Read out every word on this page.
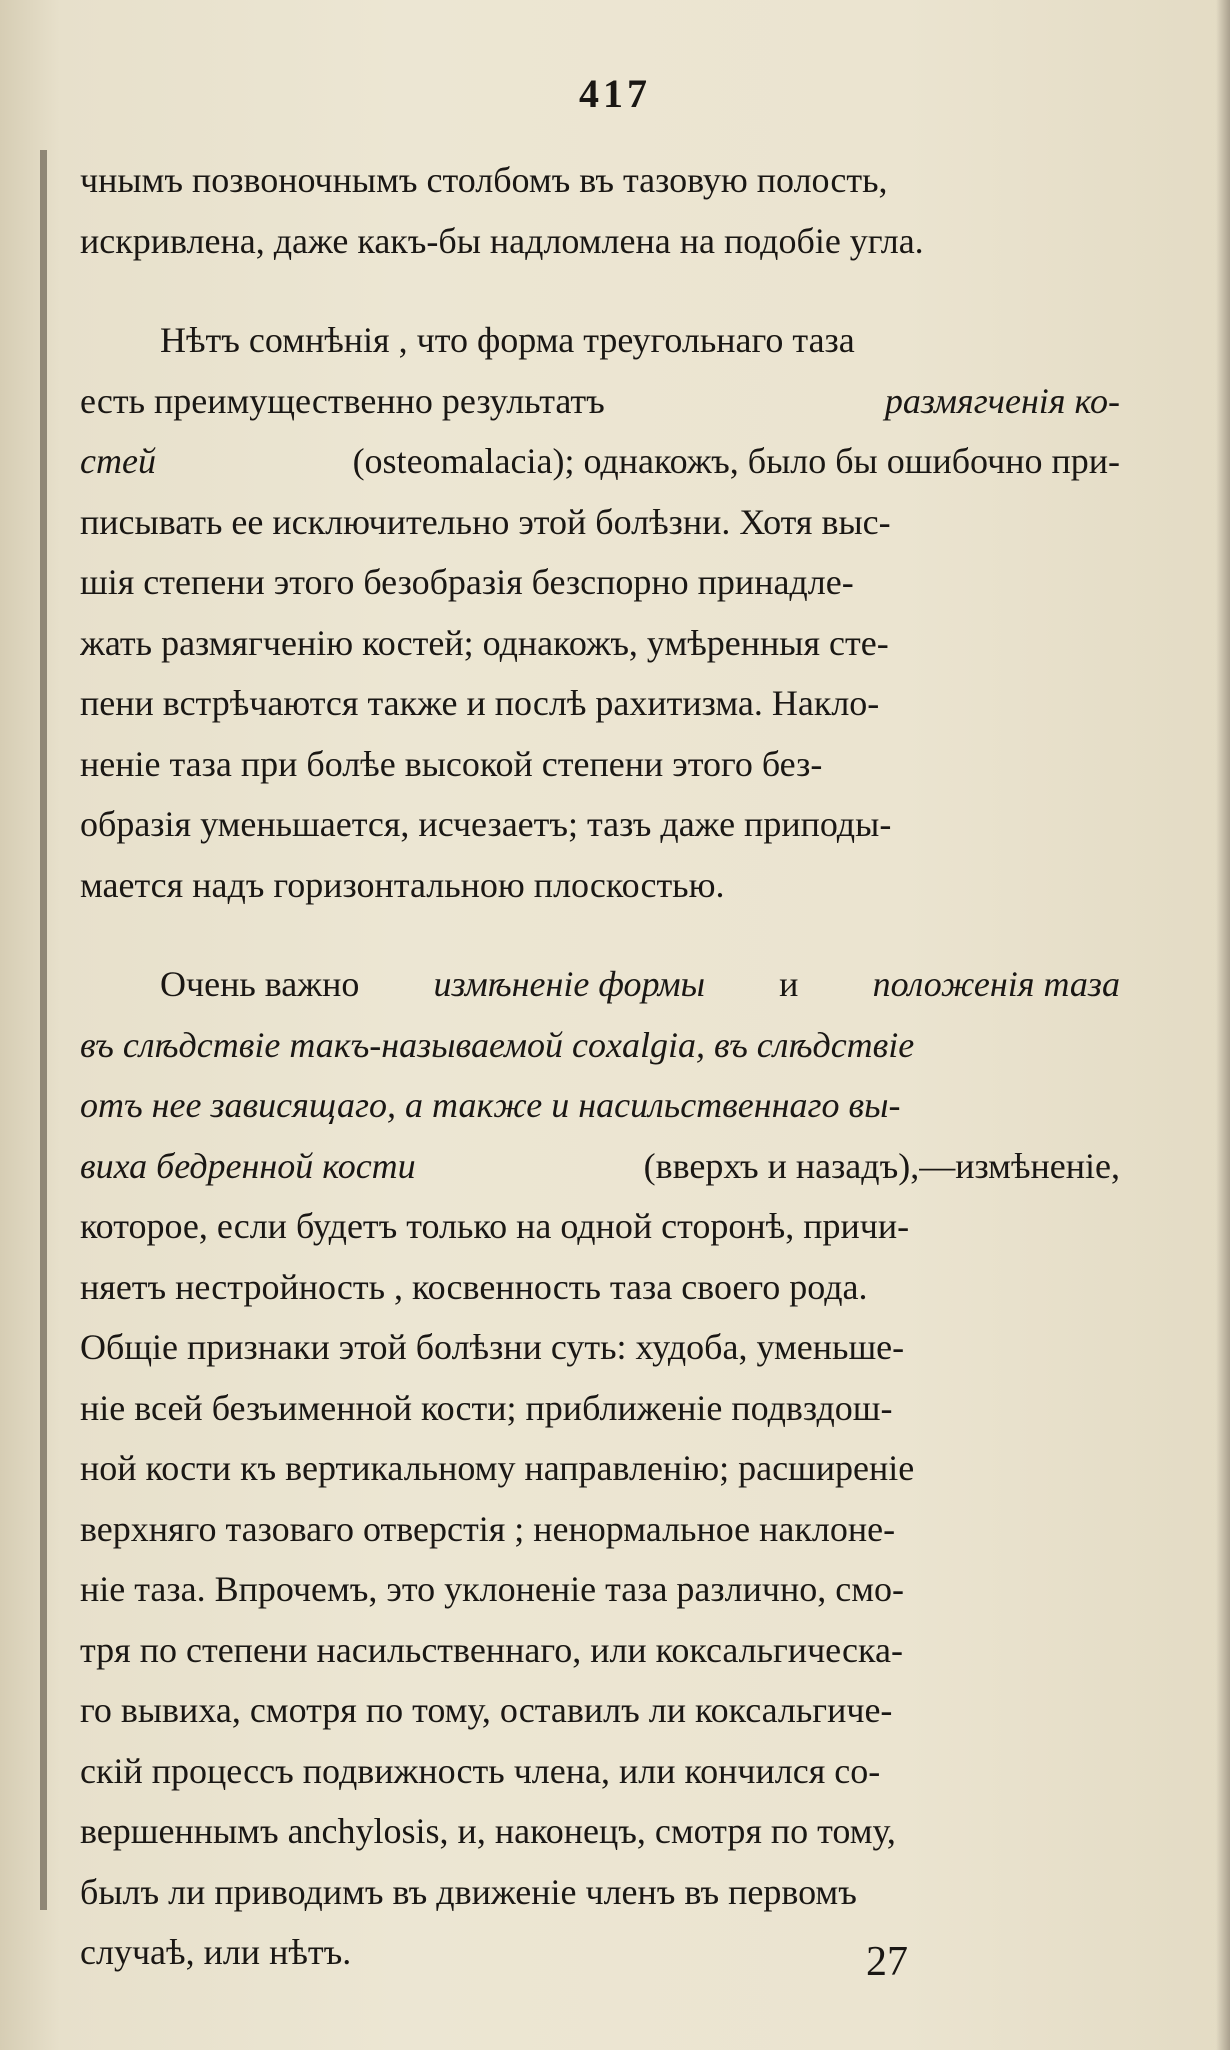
417
чнымъ позвоночнымъ столбомъ въ тазовую полость,
искривлена, даже какъ-бы надломлена на подобіе угла.
Нѣтъ сомнѣнія , что форма треугольнаго таза
есть преимущественно результатъ	размягченія ко-
стей	(osteomalacia); однакожъ, было бы ошибочно при-
писывать ее исключительно этой болѣзни. Хотя выс-
шія степени этого безобразія безспорно принадле-
жать размягченію костей; однакожъ, умѣренныя сте-
пени встрѣчаются также и послѣ рахитизма. Накло-
неніе таза при болѣе высокой степени этого без-
образія уменьшается, исчезаетъ; тазъ даже приподы-
мается надъ горизонтальною плоскостью.
Очень важно измѣненіе формы и положенія таза
въ слѣдствіе такъ-называемой coxalgia, въ слѣдствіе
отъ нее зависящаго, а также и насильственнаго вы-
виха бедренной кости	(вверхъ и назадъ),—измѣненіе,
которое, если будетъ только на одной сторонѣ, причи-
няетъ нестройность , косвенность таза своего рода.
Общіе признаки этой болѣзни суть: худоба, уменьше-
ніе всей безъименной кости; приближеніе подвздош-
ной кости къ вертикальному направленію; расширеніе
верхняго тазоваго отверстія ; ненормальное наклоне-
ніе таза. Впрочемъ, это уклоненіе таза различно, смо-
тря по степени насильственнаго, или коксальгическа-
го вывиха, смотря по тому, оставилъ ли коксальгиче-
скій процессъ подвижность члена, или кончился со-
вершеннымъ anchylosis, и, наконецъ, смотря по тому,
былъ ли приводимъ въ движеніе членъ въ первомъ
случаѣ, или нѣтъ.	27
